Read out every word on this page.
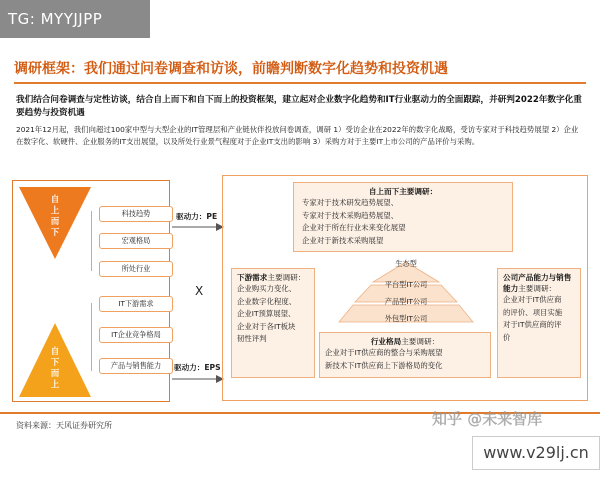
TG: MYYJJPP
调研框架：我们通过问卷调查和访谈，前瞻判断数字化趋势和投资机遇
我们结合问卷调查与定性访谈，结合自上而下和自下而上的投资框架，建立起对企业数字化趋势和IT行业驱动力的全面跟踪，并研判2022年数字化重要趋势与投资机遇
2021年12月起，我们向超过100家中型与大型企业的IT管理层和产业链伙伴投放问卷调查，调研 1）受访企业在2022年的数字化战略，受访专家对于科技趋势展望 2）企业在数字化、软硬件、企业服务的IT支出展望，以及所处行业景气程度对于企业IT支出的影响 3）采购方对于主要IT上市公司的产品评价与采购。
自上而下
自下而上
科技趋势
宏观格局
所处行业
IT下游需求
IT企业竞争格局
产品与销售能力
驱动力：PE
X
驱动力：EPS
自上而下主要调研：
专家对于技术研发趋势展望、
专家对于技术采购趋势展望、
企业对于所在行业未来变化展望
企业对于新技术采购展望
下游需求主要调研：
企业购买力变化、
企业数字化程度、
企业IT预算展望、
企业对于各IT板块
韧性评判
生态型
平台型IT公司
产品型IT公司
外包型IT公司
行业格局主要调研：
企业对于IT供应商的整合与采购展望
新技术下IT供应商上下游格局的变化
公司产品能力与销售能力主要调研：
企业对于IT供应商
的评价、项目实施
对于IT供应商的评
价
资料来源：天风证券研究所	知乎 @未来智库
www.v29lj.cn
